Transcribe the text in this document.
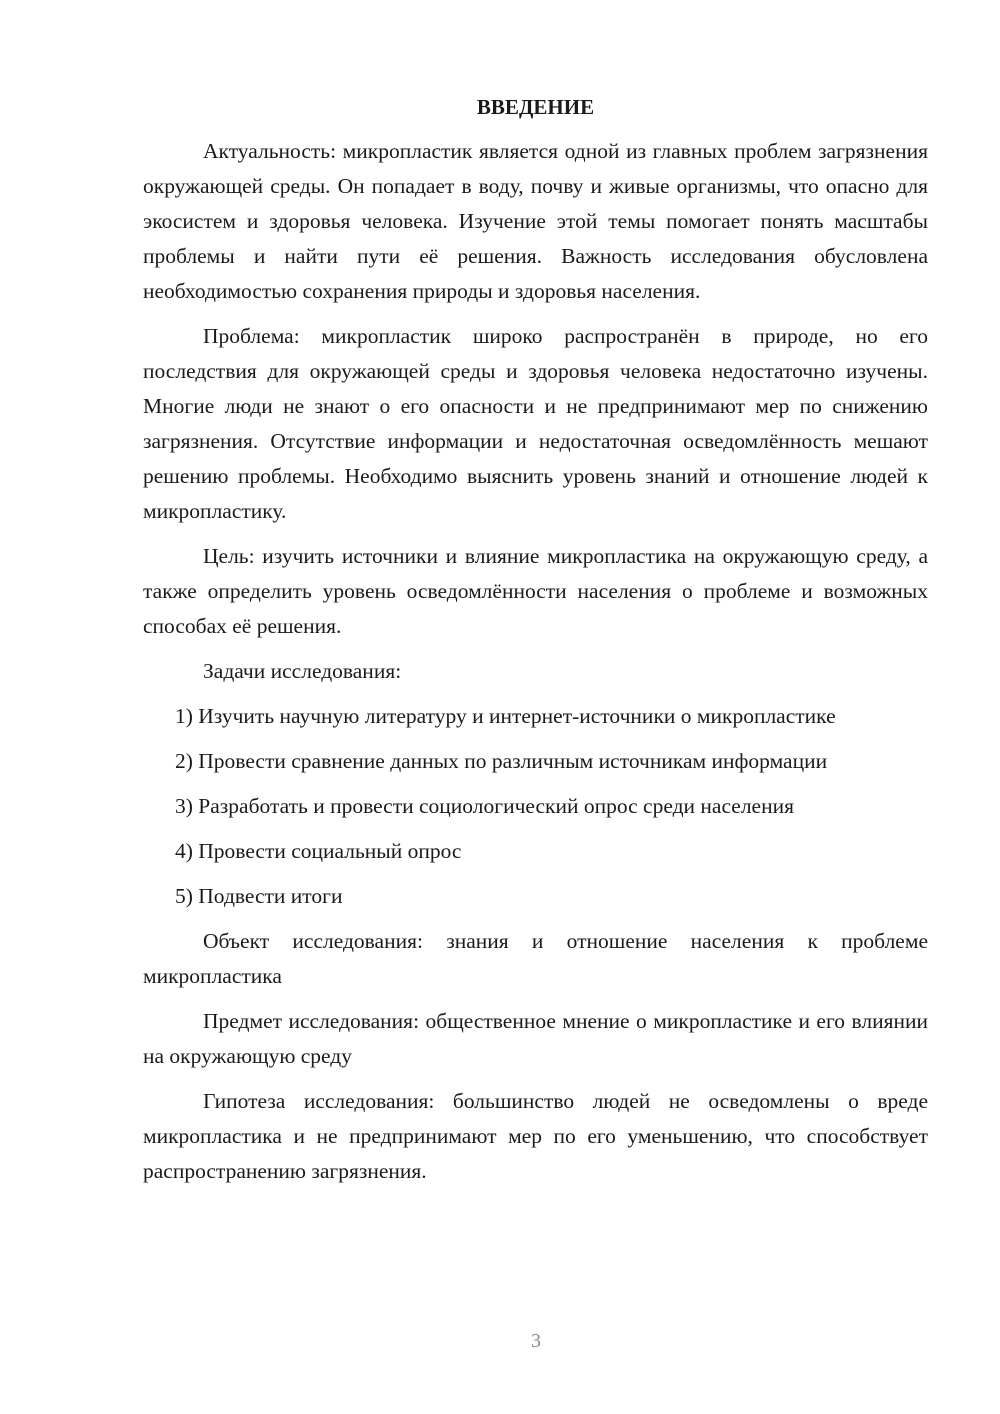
ВВЕДЕНИЕ

Актуальность: микропластик является одной из главных проблем загрязнения окружающей среды. Он попадает в воду, почву и живые организмы, что опасно для экосистем и здоровья человека. Изучение этой темы помогает понять масштабы проблемы и найти пути её решения. Важность исследования обусловлена необходимостью сохранения природы и здоровья населения.

Проблема: микропластик широко распространён в природе, но его последствия для окружающей среды и здоровья человека недостаточно изучены. Многие люди не знают о его опасности и не предпринимают мер по снижению загрязнения. Отсутствие информации и недостаточная осведомлённость мешают решению проблемы. Необходимо выяснить уровень знаний и отношение людей к микропластику.

Цель: изучить источники и влияние микропластика на окружающую среду, а также определить уровень осведомлённости населения о проблеме и возможных способах её решения.

Задачи исследования:

1) Изучить научную литературу и интернет-источники о микропластике

2) Провести сравнение данных по различным источникам информации

3) Разработать и провести социологический опрос среди населения

4) Провести социальный опрос

5) Подвести итоги

Объект исследования: знания и отношение населения к проблеме микропластика

Предмет исследования: общественное мнение о микропластике и его влиянии на окружающую среду

Гипотеза исследования: большинство людей не осведомлены о вреде микропластика и не предпринимают мер по его уменьшению, что способствует распространению загрязнения.

3
